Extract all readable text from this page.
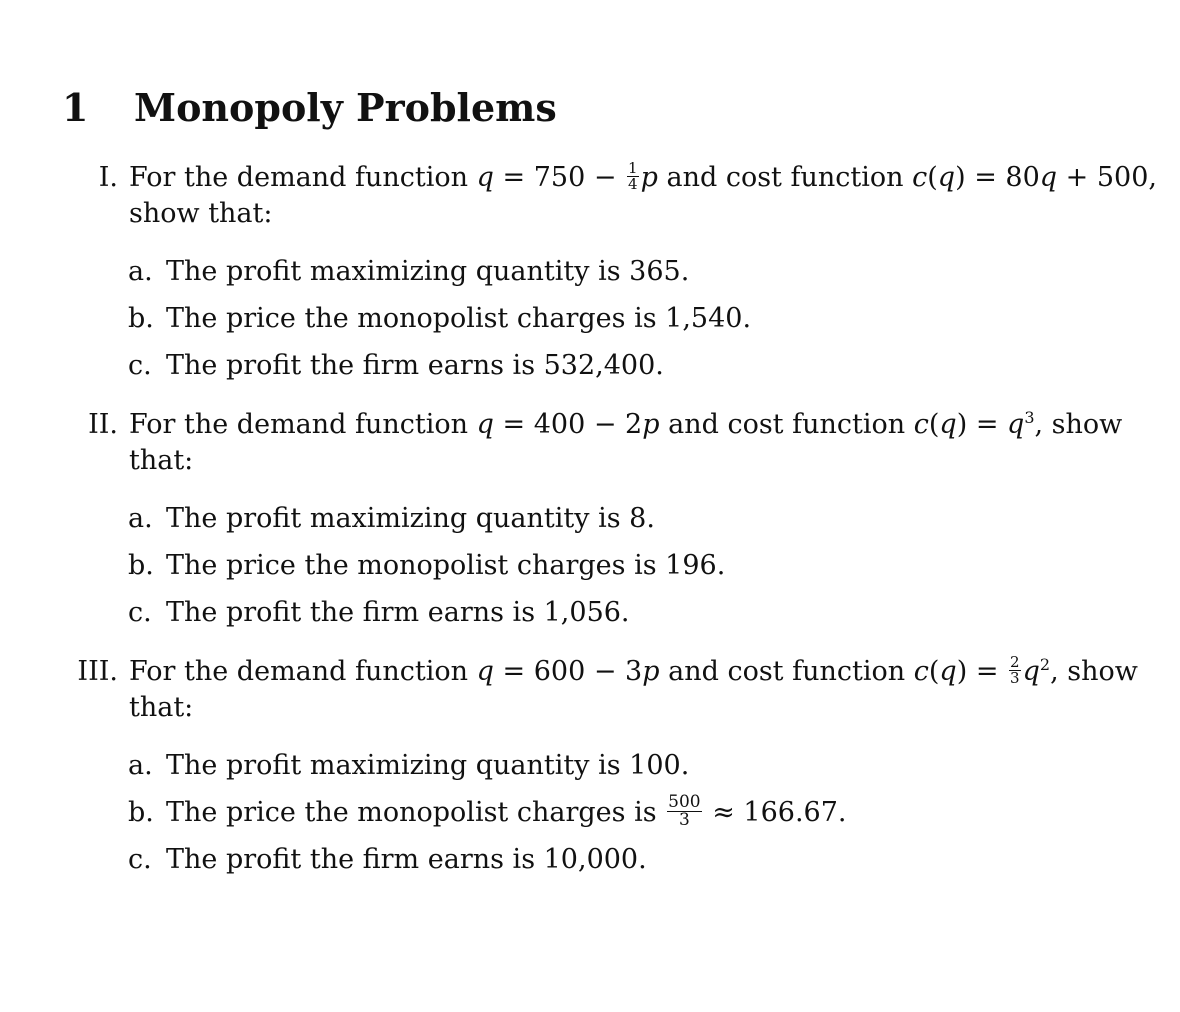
1 Monopoly Problems
I. For the demand function $q = 750 - \frac{1}{4}$ p and cost function c(q) = 80q + 500,
show that:
a. The profit maximizing quantity is 365.
b. The price the monopolist charges is 1,540.
c. The profit the firm earns is 532,400.
II. For the demand function q = 400 − 2p and cost function $c(q) = q^3$, show
that:
a. The profit maximizing quantity is 8.
b. The price the monopolist charges is 196.
c. The profit the firm earns is 1,056.
III. For the demand function q = 600 − 3p and cost function $c(q) = \frac{2}{3} q^2$, show
that:
a. The profit maximizing quantity is 100.
b. The price the monopolist charges is $\frac{500}{3} \approx 166.67$.
c. The profit the firm earns is 10,000.
